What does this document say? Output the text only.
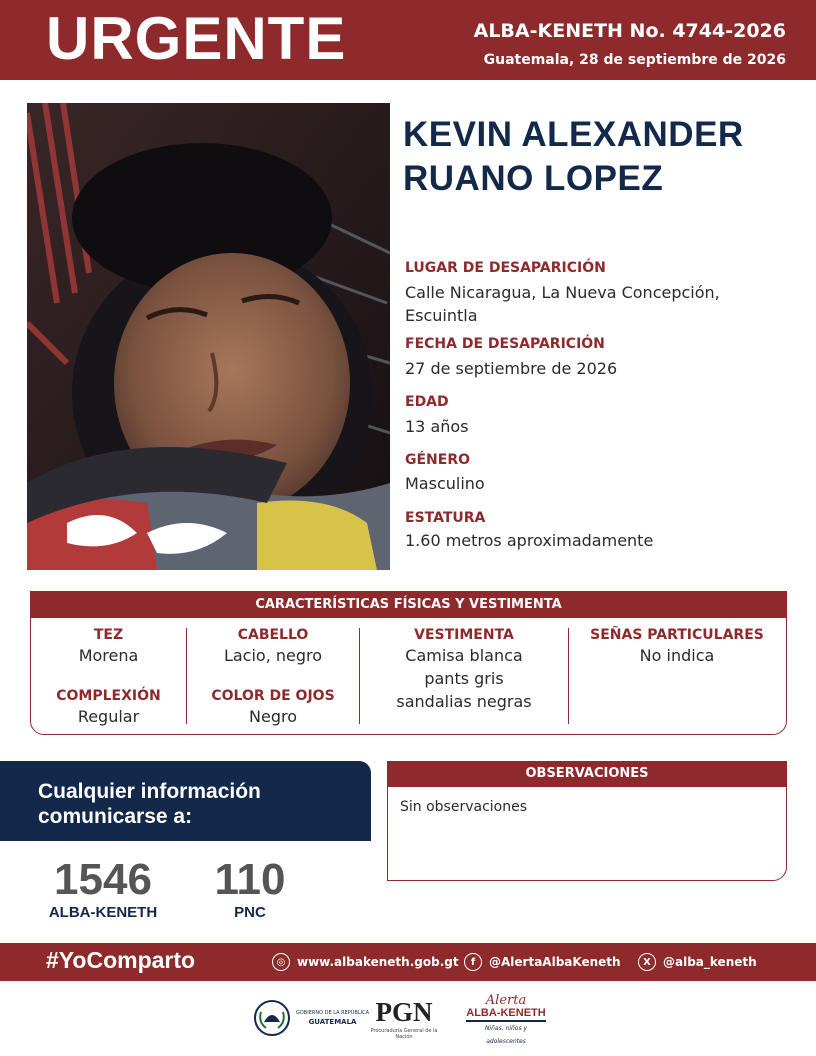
URGENTE	ALBA-KENETH No. 4744-2026
Guatemala, 28 de septiembre de 2026
KEVIN ALEXANDER
RUANO LOPEZ
LUGAR DE DESAPARICIÓN
Calle Nicaragua, La Nueva Concepción, Escuintla
FECHA DE DESAPARICIÓN
27 de septiembre de 2026
EDAD
13 años
GÉNERO
Masculino
ESTATURA
1.60 metros aproximadamente
CARACTERÍSTICAS FÍSICAS Y VESTIMENTA
TEZ
Morena
COMPLEXIÓN
Regular
CABELLO
Lacio, negro
COLOR DE OJOS
Negro
VESTIMENTA
Camisa blanca
pants gris
sandalias negras
SEÑAS PARTICULARES
No indica
Cualquier información
comunicarse a:
1546
ALBA-KENETH
110
PNC
OBSERVACIONES
Sin observaciones
#YoComparto	◎ www.albakeneth.gob.gt	f	@AlertaAlbaKeneth	X	@alba_keneth
GOBIERNO DE LA REPÚBLICA
GUATEMALA PGN
Procuraduría General de la Nación
Alerta
ALBA-KENETH
Niñas, niños y adolescentes
